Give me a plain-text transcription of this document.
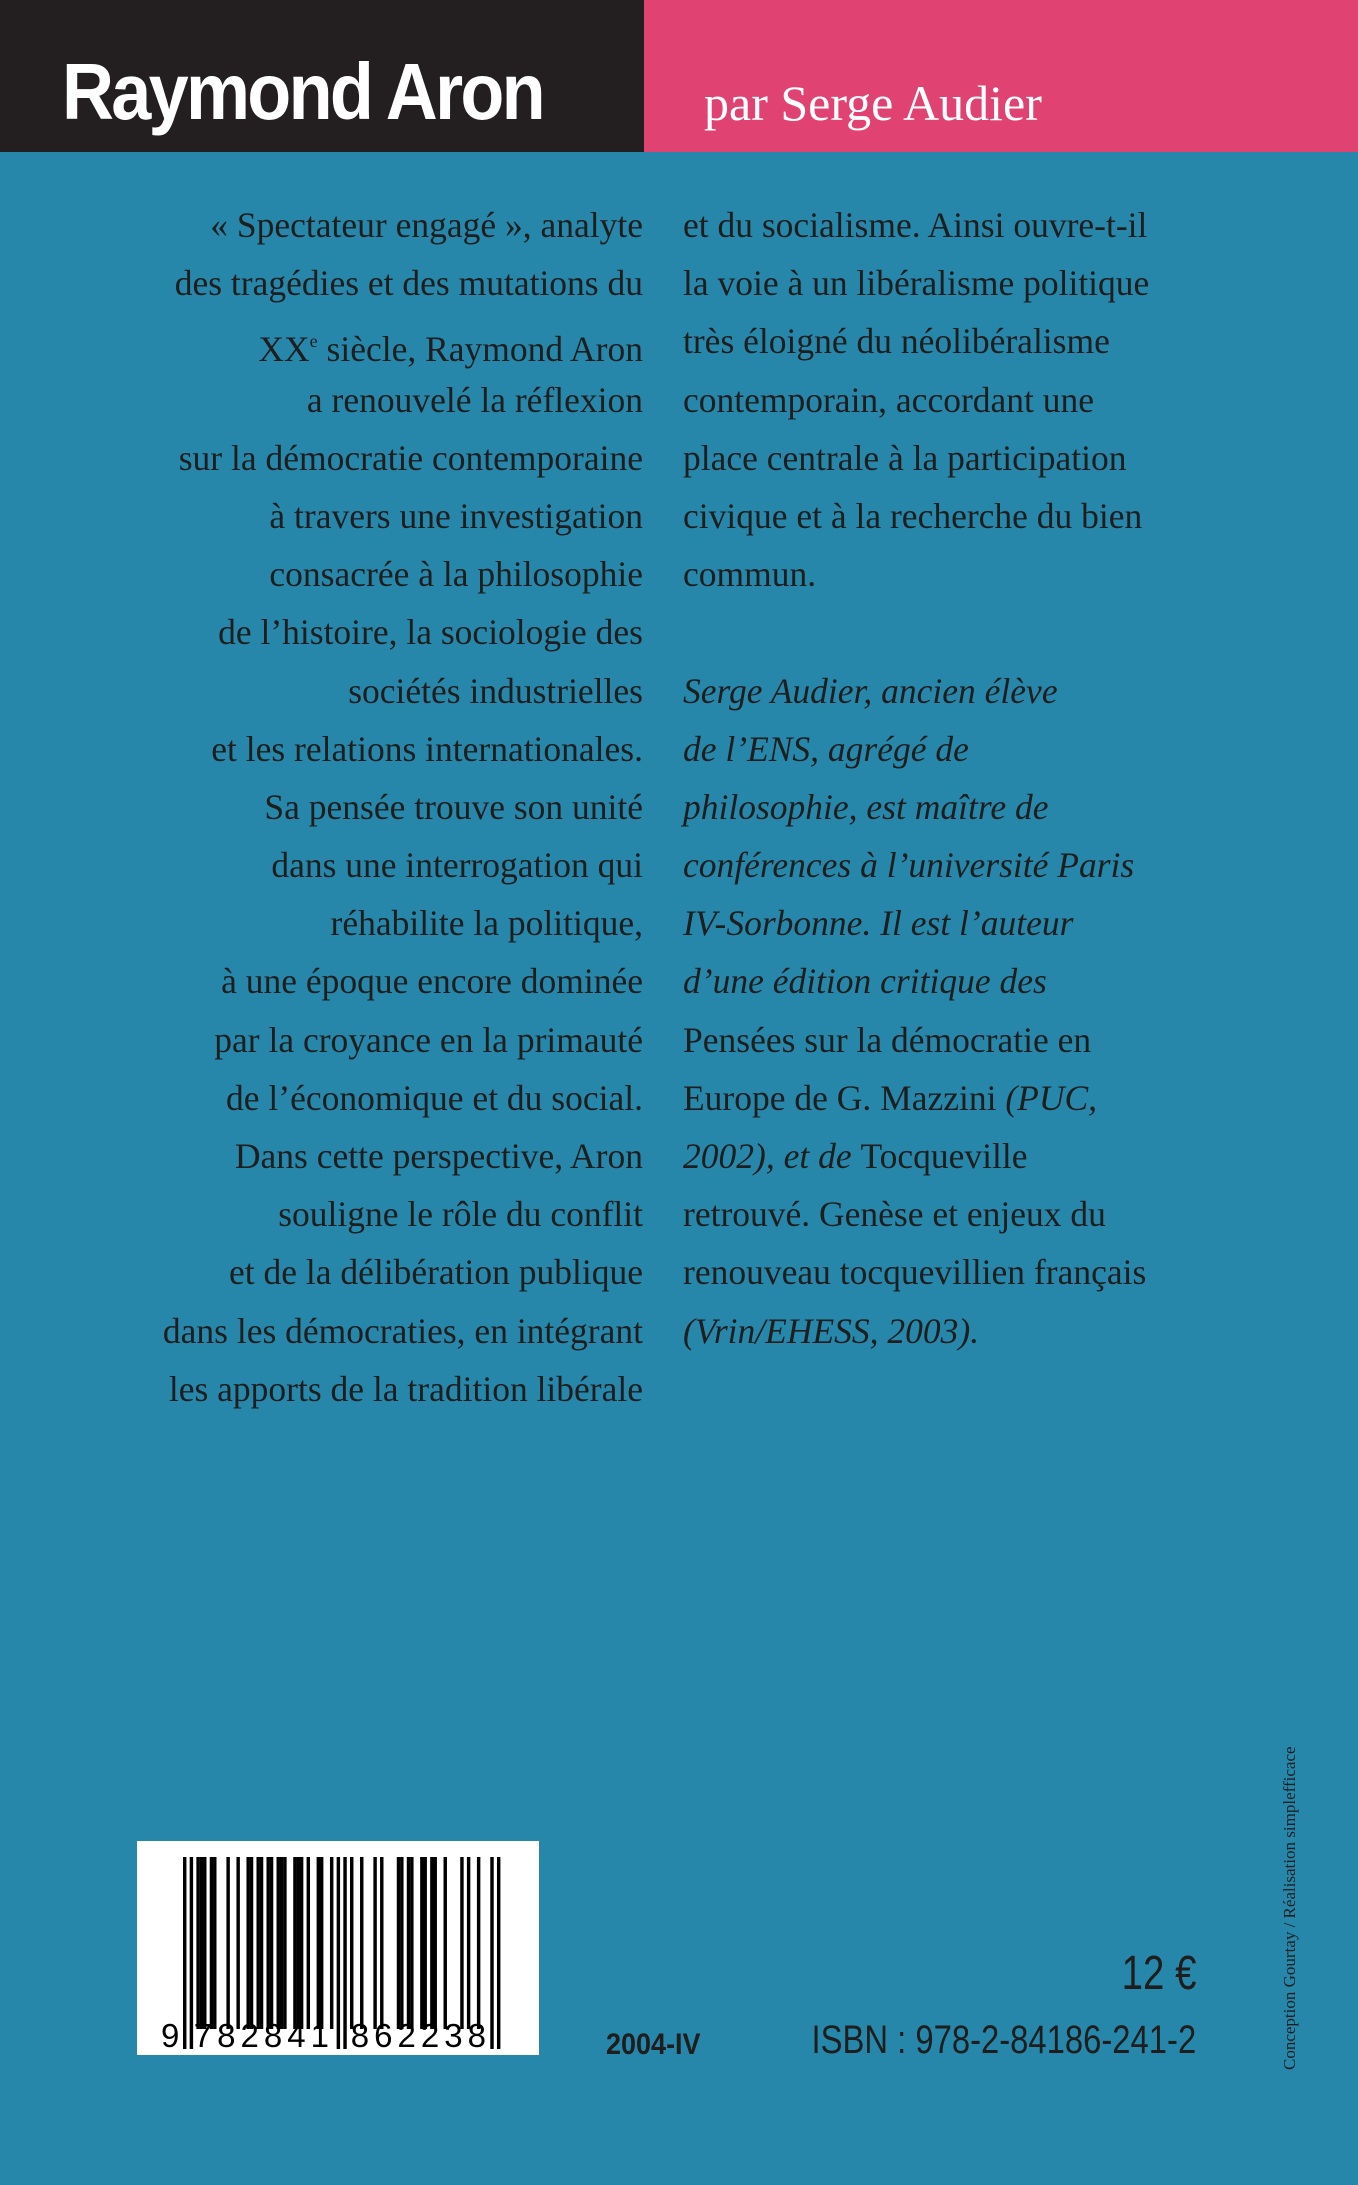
Raymond Aron	par Serge Audier
« Spectateur engagé », analyte
des tragédies et des mutations du
XXe siècle, Raymond Aron
a renouvelé la réflexion
sur la démocratie contemporaine
à travers une investigation
consacrée à la philosophie
de l’histoire, la sociologie des
sociétés industrielles
et les relations internationales.
Sa pensée trouve son unité
dans une interrogation qui
réhabilite la politique,
à une époque encore dominée
par la croyance en la primauté
de l’économique et du social.
Dans cette perspective, Aron
souligne le rôle du conflit
et de la délibération publique
dans les démocraties, en intégrant
les apports de la tradition libérale
et du socialisme. Ainsi ouvre-t-il
la voie à un libéralisme politique
très éloigné du néolibéralisme
contemporain, accordant une
place centrale à la participation
civique et à la recherche du bien
commun.
Serge Audier, ancien élève
de l’ENS, agrégé de
philosophie, est maître de
conférences à l’université Paris
IV-Sorbonne. Il est l’auteur
d’une édition critique des
Pensées sur la démocratie en
Europe de G. Mazzini (PUC,
2002), et de Tocqueville
retrouvé. Genèse et enjeux du
renouveau tocquevillien français
(Vrin/EHESS, 2003).
9 7 8 2 8 4 1 8 6 2 2 3 8
12 €
2004-IV	ISBN : 978-2-84186-241-2	Conception Gourtay / Réalisation simplefficace
